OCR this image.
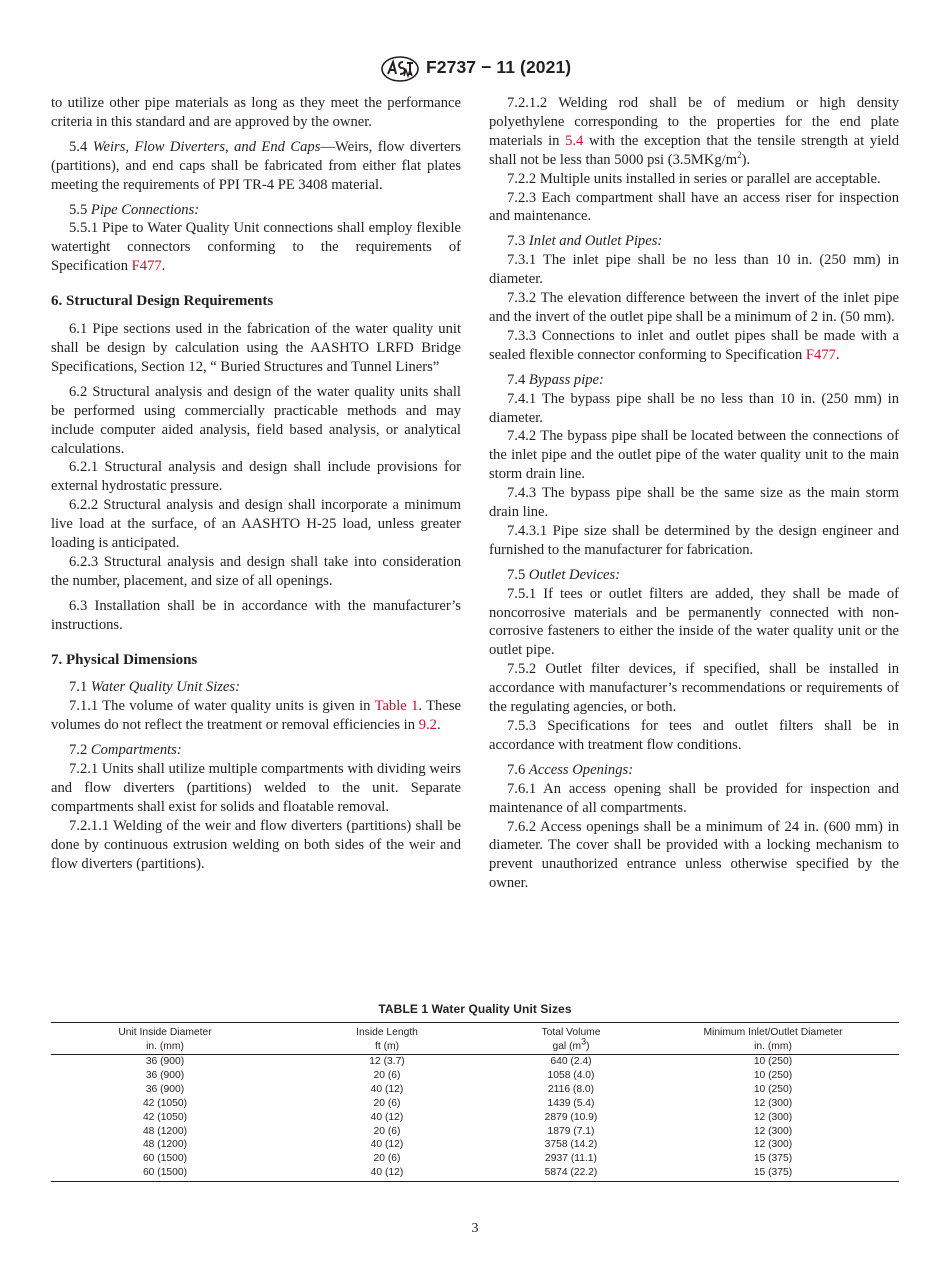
F2737 − 11 (2021)

to utilize other pipe materials as long as they meet the performance criteria in this standard and are approved by the owner.

5.4 Weirs, Flow Diverters, and End Caps—Weirs, flow diverters (partitions), and end caps shall be fabricated from either flat plates meeting the requirements of PPI TR-4 PE 3408 material.

5.5 Pipe Connections:

5.5.1 Pipe to Water Quality Unit connections shall employ flexible watertight connectors conforming to the requirements of Specification F477.

6. Structural Design Requirements

6.1 Pipe sections used in the fabrication of the water quality unit shall be design by calculation using the AASHTO LRFD Bridge Specifications, Section 12, “ Buried Structures and Tunnel Liners”

6.2 Structural analysis and design of the water quality units shall be performed using commercially practicable methods and may include computer aided analysis, field based analysis, or analytical calculations.

6.2.1 Structural analysis and design shall include provisions for external hydrostatic pressure.

6.2.2 Structural analysis and design shall incorporate a minimum live load at the surface, of an AASHTO H-25 load, unless greater loading is anticipated.

6.2.3 Structural analysis and design shall take into consideration the number, placement, and size of all openings.

6.3 Installation shall be in accordance with the manufacturer’s instructions.

7. Physical Dimensions

7.1 Water Quality Unit Sizes:

7.1.1 The volume of water quality units is given in Table 1. These volumes do not reflect the treatment or removal efficiencies in 9.2.

7.2 Compartments:

7.2.1 Units shall utilize multiple compartments with dividing weirs and flow diverters (partitions) welded to the unit. Separate compartments shall exist for solids and floatable removal.

7.2.1.1 Welding of the weir and flow diverters (partitions) shall be done by continuous extrusion welding on both sides of the weir and flow diverters (partitions).

7.2.1.2 Welding rod shall be of medium or high density polyethylene corresponding to the properties for the end plate materials in 5.4 with the exception that the tensile strength at yield shall not be less than 5000 psi $(3.5MKg/m^2)$.

7.2.2 Multiple units installed in series or parallel are acceptable.

7.2.3 Each compartment shall have an access riser for inspection and maintenance.

7.3 Inlet and Outlet Pipes:

7.3.1 The inlet pipe shall be no less than 10 in. (250 mm) in diameter.

7.3.2 The elevation difference between the invert of the inlet pipe and the invert of the outlet pipe shall be a minimum of 2 in. (50 mm).

7.3.3 Connections to inlet and outlet pipes shall be made with a sealed flexible connector conforming to Specification F477.

7.4 Bypass pipe:

7.4.1 The bypass pipe shall be no less than 10 in. (250 mm) in diameter.

7.4.2 The bypass pipe shall be located between the connections of the inlet pipe and the outlet pipe of the water quality unit to the main storm drain line.

7.4.3 The bypass pipe shall be the same size as the main storm drain line.

7.4.3.1 Pipe size shall be determined by the design engineer and furnished to the manufacturer for fabrication.

7.5 Outlet Devices:

7.5.1 If tees or outlet filters are added, they shall be made of noncorrosive materials and be permanently connected with non-corrosive fasteners to either the inside of the water quality unit or the outlet pipe.

7.5.2 Outlet filter devices, if specified, shall be installed in accordance with manufacturer’s recommendations or requirements of the regulating agencies, or both.

7.5.3 Specifications for tees and outlet filters shall be in accordance with treatment flow conditions.

7.6 Access Openings:

7.6.1 An access opening shall be provided for inspection and maintenance of all compartments.

7.6.2 Access openings shall be a minimum of 24 in. (600 mm) in diameter. The cover shall be provided with a locking mechanism to prevent unauthorized entrance unless otherwise specified by the owner.

TABLE 1 Water Quality Unit Sizes
Unit Inside Diameter	Inside Length	Total Volume	Minimum Inlet/Outlet Diameter
in. (mm)	ft (m)	gal $(m^3)$	in. (mm)
36 (900)	12 (3.7)	640 (2.4)	10 (250)
36 (900)	20 (6)	1058 (4.0)	10 (250)
36 (900)	40 (12)	2116 (8.0)	10 (250)
42 (1050)	20 (6)	1439 (5.4)	12 (300)
42 (1050)	40 (12)	2879 (10.9)	12 (300)
48 (1200)	20 (6)	1879 (7.1)	12 (300)
48 (1200)	40 (12)	3758 (14.2)	12 (300)
60 (1500)	20 (6)	2937 (11.1)	15 (375)
60 (1500)	40 (12)	5874 (22.2)	15 (375)
3
